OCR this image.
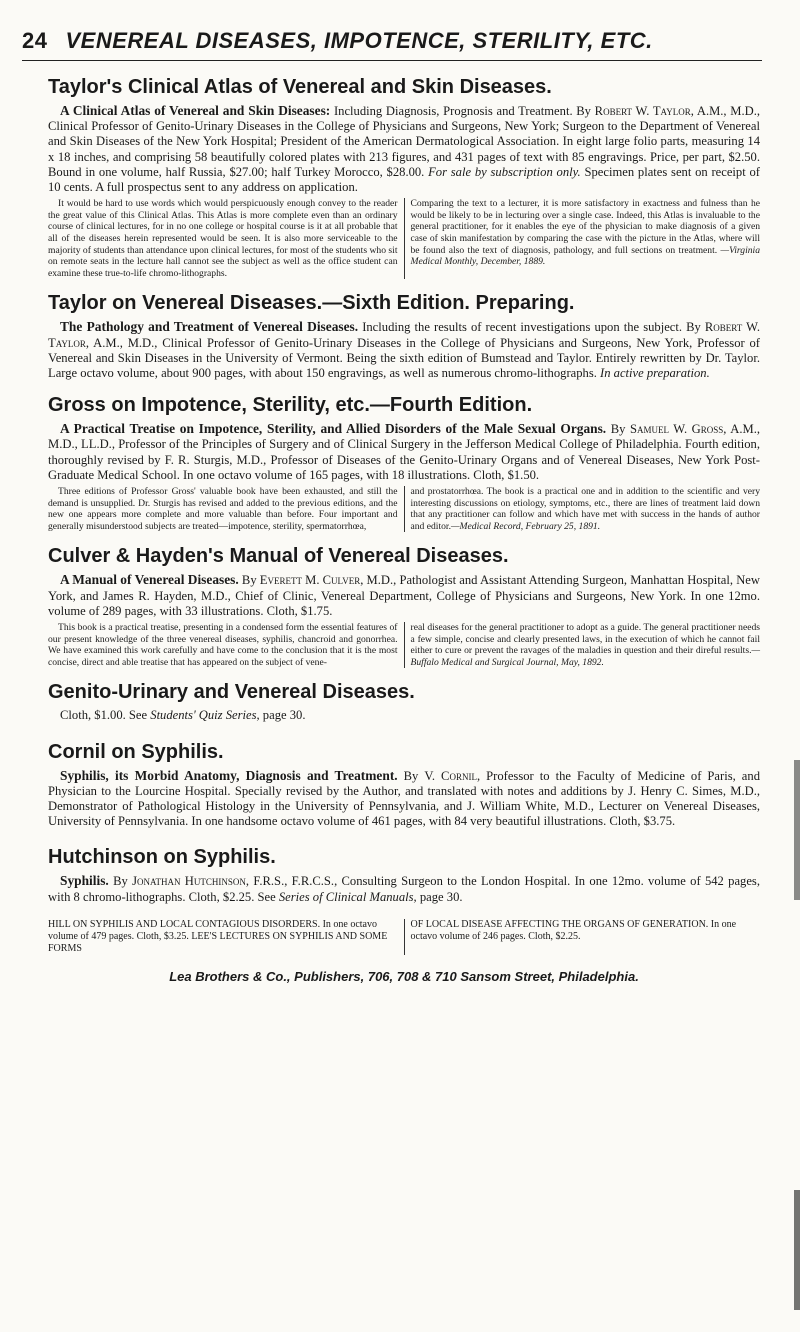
24 VENEREAL DISEASES, IMPOTENCE, STERILITY, ETC.
Taylor's Clinical Atlas of Venereal and Skin Diseases.

A Clinical Atlas of Venereal and Skin Diseases: Including Diagnosis, Prognosis and Treatment. By Robert W. Taylor, A.M., M.D., Clinical Professor of Genito-Urinary Diseases in the College of Physicians and Surgeons, New York; Surgeon to the Department of Venereal and Skin Diseases of the New York Hospital; President of the American Dermatological Association. In eight large folio parts, measuring 14 x 18 inches, and comprising 58 beautifully colored plates with 213 figures, and 431 pages of text with 85 engravings. Price, per part, $2.50. Bound in one volume, half Russia, $27.00; half Turkey Morocco, $28.00. For sale by subscription only. Specimen plates sent on receipt of 10 cents. A full prospectus sent to any address on application.

It would be hard to use words which would perspicuously enough convey to the reader the great value of this Clinical Atlas. This Atlas is more complete even than an ordinary course of clinical lectures, for in no one college or hospital course is it at all probable that all of the diseases herein represented would be seen. It is also more serviceable to the majority of students than attendance upon clinical lectures, for most of the students who sit on remote seats in the lecture hall cannot see the subject as well as the office student can examine these true-to-life chromo-lithographs.
Comparing the text to a lecturer, it is more satisfactory in exactness and fulness than he would be likely to be in lecturing over a single case. Indeed, this Atlas is invaluable to the general practitioner, for it enables the eye of the physician to make diagnosis of a given case of skin manifestation by comparing the case with the picture in the Atlas, where will be found also the text of diagnosis, pathology, and full sections on treatment. —Virginia Medical Monthly, December, 1889.
Taylor on Venereal Diseases.—Sixth Edition. Preparing.

The Pathology and Treatment of Venereal Diseases. Including the results of recent investigations upon the subject. By Robert W. Taylor, A.M., M.D., Clinical Professor of Genito-Urinary Diseases in the College of Physicians and Surgeons, New York, Professor of Venereal and Skin Diseases in the University of Vermont. Being the sixth edition of Bumstead and Taylor. Entirely rewritten by Dr. Taylor. Large octavo volume, about 900 pages, with about 150 engravings, as well as numerous chromo-lithographs. In active preparation.

Gross on Impotence, Sterility, etc.—Fourth Edition.

A Practical Treatise on Impotence, Sterility, and Allied Disorders of the Male Sexual Organs. By Samuel W. Gross, A.M., M.D., LL.D., Professor of the Principles of Surgery and of Clinical Surgery in the Jefferson Medical College of Philadelphia. Fourth edition, thoroughly revised by F. R. Sturgis, M.D., Professor of Diseases of the Genito-Urinary Organs and of Venereal Diseases, New York Post-Graduate Medical School. In one octavo volume of 165 pages, with 18 illustrations. Cloth, $1.50.

Three editions of Professor Gross' valuable book have been exhausted, and still the demand is unsupplied. Dr. Sturgis has revised and added to the previous editions, and the new one appears more complete and more valuable than before. Four important and generally misunderstood subjects are treated—impotence, sterility, spermatorrhœa,
and prostatorrhœa. The book is a practical one and in addition to the scientific and very interesting discussions on etiology, symptoms, etc., there are lines of treatment laid down that any practitioner can follow and which have met with success in the hands of author and editor.—Medical Record, February 25, 1891.
Culver & Hayden's Manual of Venereal Diseases.

A Manual of Venereal Diseases. By Everett M. Culver, M.D., Pathologist and Assistant Attending Surgeon, Manhattan Hospital, New York, and James R. Hayden, M.D., Chief of Clinic, Venereal Department, College of Physicians and Surgeons, New York. In one 12mo. volume of 289 pages, with 33 illustrations. Cloth, $1.75.

This book is a practical treatise, presenting in a condensed form the essential features of our present knowledge of the three venereal diseases, syphilis, chancroid and gonorrhea. We have examined this work carefully and have come to the conclusion that it is the most concise, direct and able treatise that has appeared on the subject of vene-
real diseases for the general practitioner to adopt as a guide. The general practitioner needs a few simple, concise and clearly presented laws, in the execution of which he cannot fail either to cure or prevent the ravages of the maladies in question and their direful results.—Buffalo Medical and Surgical Journal, May, 1892.
Genito-Urinary and Venereal Diseases.

Cloth, $1.00. See Students' Quiz Series, page 30.

Cornil on Syphilis.

Syphilis, its Morbid Anatomy, Diagnosis and Treatment. By V. Cornil, Professor to the Faculty of Medicine of Paris, and Physician to the Lourcine Hospital. Specially revised by the Author, and translated with notes and additions by J. Henry C. Simes, M.D., Demonstrator of Pathological Histology in the University of Pennsylvania, and J. William White, M.D., Lecturer on Venereal Diseases, University of Pennsylvania. In one handsome octavo volume of 461 pages, with 84 very beautiful illustrations. Cloth, $3.75.

Hutchinson on Syphilis.

Syphilis. By Jonathan Hutchinson, F.R.S., F.R.C.S., Consulting Surgeon to the London Hospital. In one 12mo. volume of 542 pages, with 8 chromo-lithographs. Cloth, $2.25. See Series of Clinical Manuals, page 30.

HILL ON SYPHILIS AND LOCAL CONTAGIOUS DISORDERS. In one octavo volume of 479 pages. Cloth, $3.25. LEE'S LECTURES ON SYPHILIS AND SOME FORMS
OF LOCAL DISEASE AFFECTING THE ORGANS OF GENERATION. In one octavo volume of 246 pages. Cloth, $2.25.
Lea Brothers & Co., Publishers, 706, 708 & 710 Sansom Street, Philadelphia.
